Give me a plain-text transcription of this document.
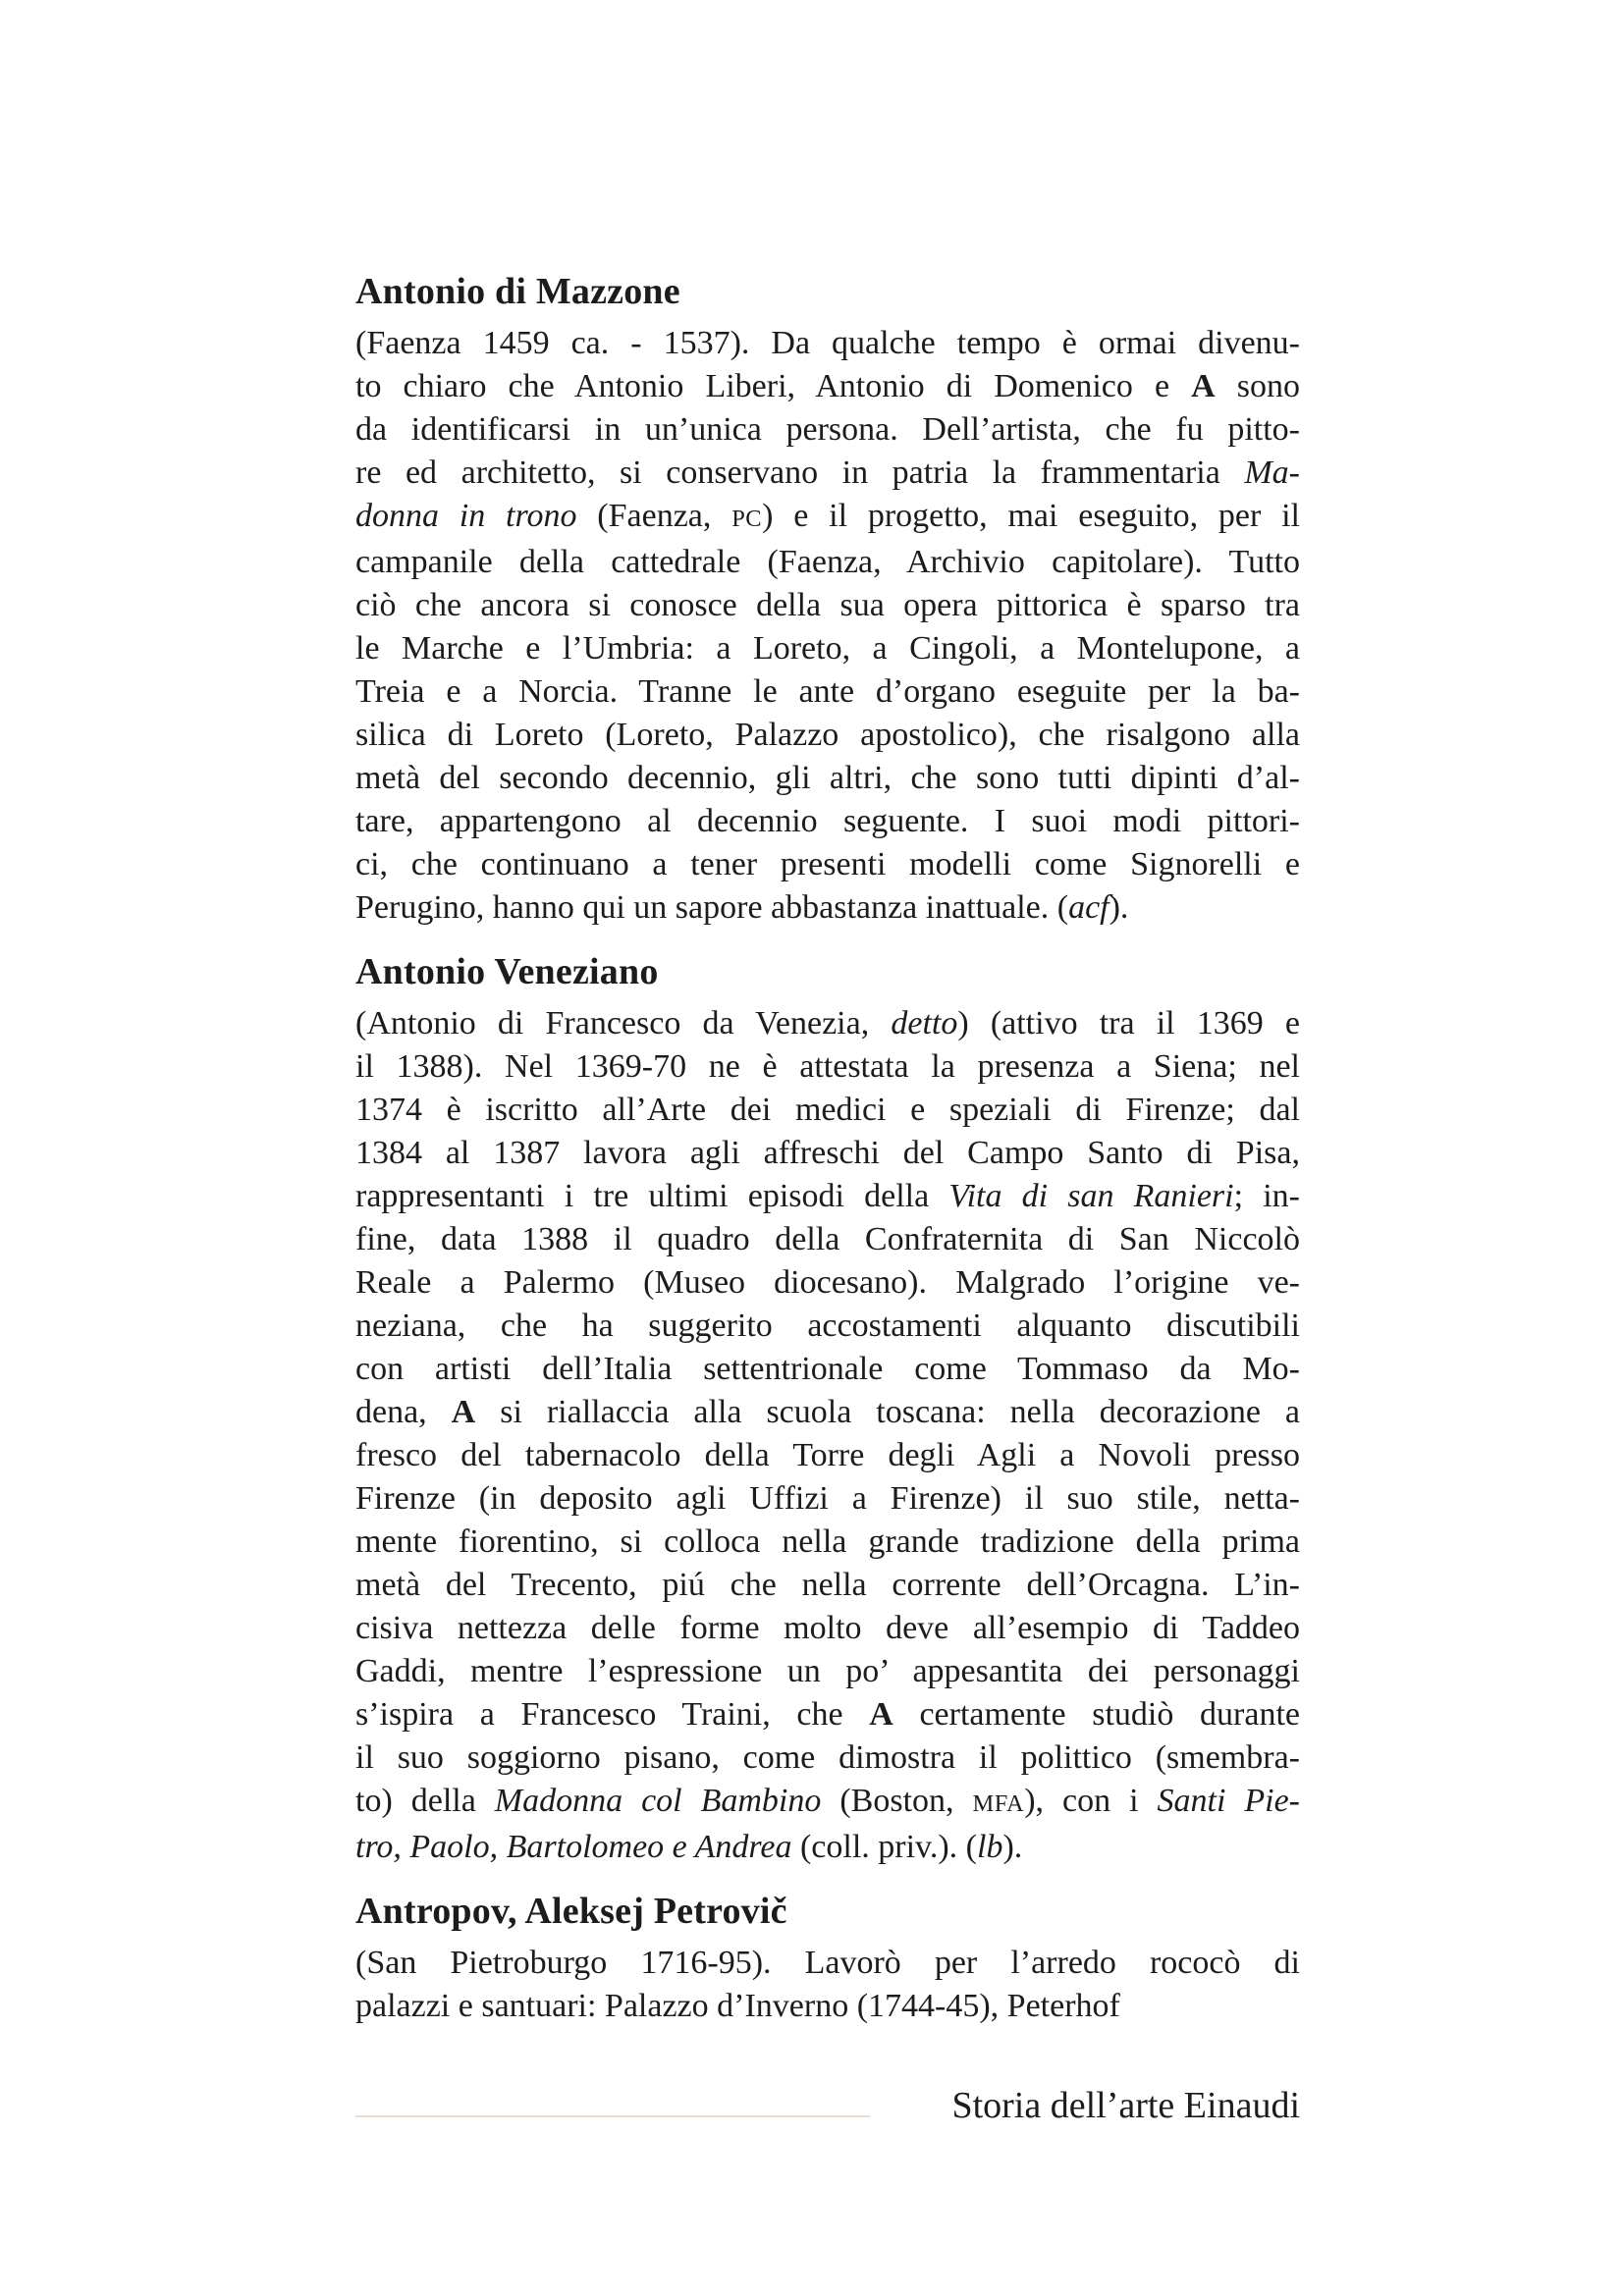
Antonio di Mazzone
(Faenza 1459 ca. - 1537). Da qualche tempo è ormai divenu-
to chiaro che Antonio Liberi, Antonio di Domenico e A sono
da identificarsi in un’unica persona. Dell’artista, che fu pitto-
re ed architetto, si conservano in patria la frammentaria Ma-
donna in trono (Faenza, PC) e il progetto, mai eseguito, per il
campanile della cattedrale (Faenza, Archivio capitolare). Tutto
ciò che ancora si conosce della sua opera pittorica è sparso tra
le Marche e l’Umbria: a Loreto, a Cingoli, a Montelupone, a
Treia e a Norcia. Tranne le ante d’organo eseguite per la ba-
silica di Loreto (Loreto, Palazzo apostolico), che risalgono alla
metà del secondo decennio, gli altri, che sono tutti dipinti d’al-
tare, appartengono al decennio seguente. I suoi modi pittori-
ci, che continuano a tener presenti modelli come Signorelli e
Perugino, hanno qui un sapore abbastanza inattuale. (acf).
Antonio Veneziano
(Antonio di Francesco da Venezia, detto) (attivo tra il 1369 e
il 1388). Nel 1369-70 ne è attestata la presenza a Siena; nel
1374 è iscritto all’Arte dei medici e speziali di Firenze; dal
1384 al 1387 lavora agli affreschi del Campo Santo di Pisa,
rappresentanti i tre ultimi episodi della Vita di san Ranieri; in-
fine, data 1388 il quadro della Confraternita di San Niccolò
Reale a Palermo (Museo diocesano). Malgrado l’origine ve-
neziana, che ha suggerito accostamenti alquanto discutibili
con artisti dell’Italia settentrionale come Tommaso da Mo-
dena, A si riallaccia alla scuola toscana: nella decorazione a
fresco del tabernacolo della Torre degli Agli a Novoli presso
Firenze (in deposito agli Uffizi a Firenze) il suo stile, netta-
mente fiorentino, si colloca nella grande tradizione della prima
metà del Trecento, piú che nella corrente dell’Orcagna. L’in-
cisiva nettezza delle forme molto deve all’esempio di Taddeo
Gaddi, mentre l’espressione un po’ appesantita dei personaggi
s’ispira a Francesco Traini, che A certamente studiò durante
il suo soggiorno pisano, come dimostra il polittico (smembra-
to) della Madonna col Bambino (Boston, MFA), con i Santi Pie-
tro, Paolo, Bartolomeo e Andrea (coll. priv.). (lb).
Antropov, Aleksej Petrovič
(San Pietroburgo 1716-95). Lavorò per l’arredo rococò di
palazzi e santuari: Palazzo d’Inverno (1744-45), Peterhof
Storia dell’arte Einaudi
